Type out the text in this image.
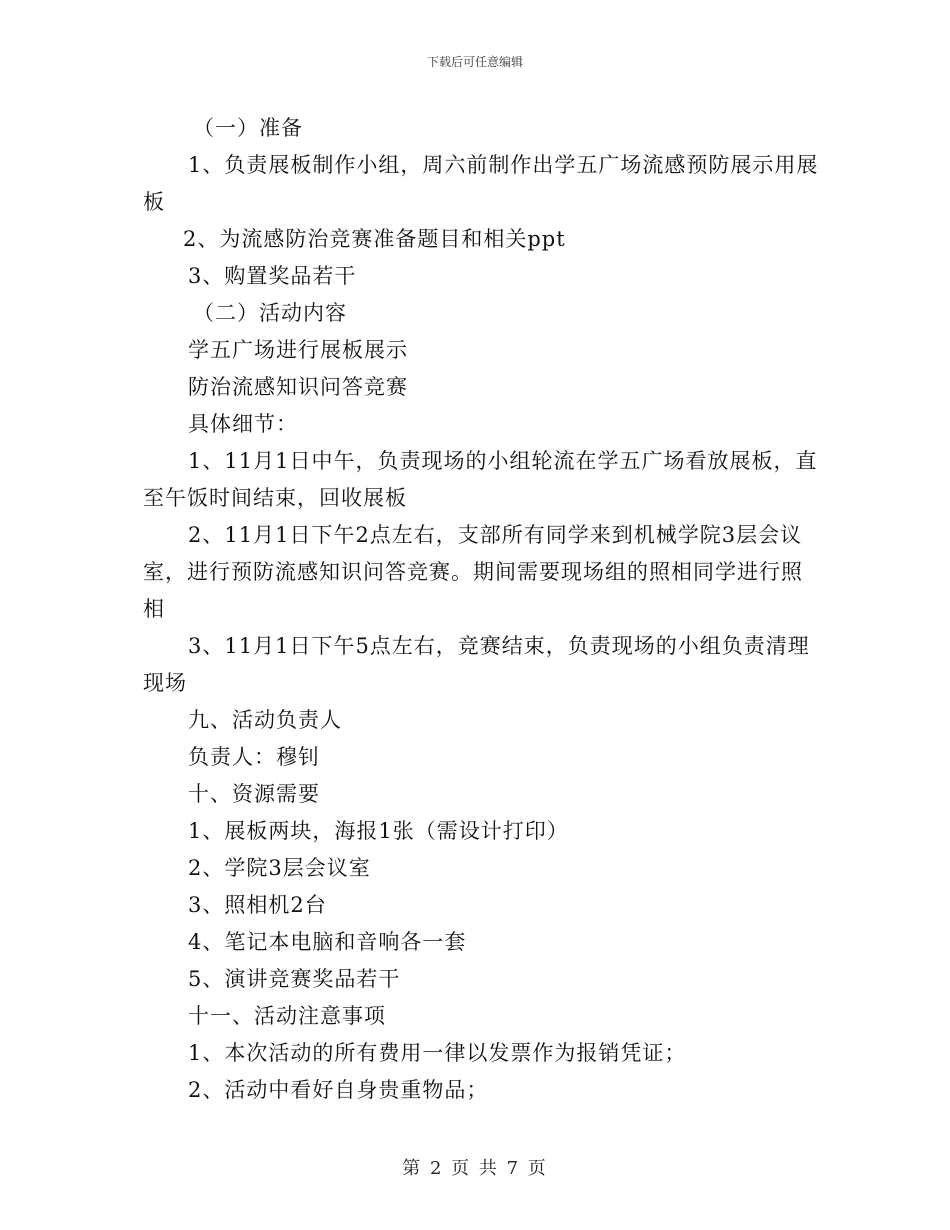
下载后可任意编辑
（一）准备
1、负责展板制作小组，周六前制作出学五广场流感预防展示用展
板
2、为流感防治竞赛准备题目和相关ppt
3、购置奖品若干
（二）活动内容
学五广场进行展板展示
防治流感知识问答竞赛
具体细节：
1、11月1日中午，负责现场的小组轮流在学五广场看放展板，直
至午饭时间结束，回收展板
2、11月1日下午2点左右，支部所有同学来到机械学院3层会议
室，进行预防流感知识问答竞赛。期间需要现场组的照相同学进行照
相
3、11月1日下午5点左右，竞赛结束，负责现场的小组负责清理
现场
九、活动负责人
负责人：穆钊
十、资源需要
1、展板两块，海报1张（需设计打印）
2、学院3层会议室
3、照相机2台
4、笔记本电脑和音响各一套
5、演讲竞赛奖品若干
十一、活动注意事项
1、本次活动的所有费用一律以发票作为报销凭证；
2、活动中看好自身贵重物品；
第 2 页 共 7 页
